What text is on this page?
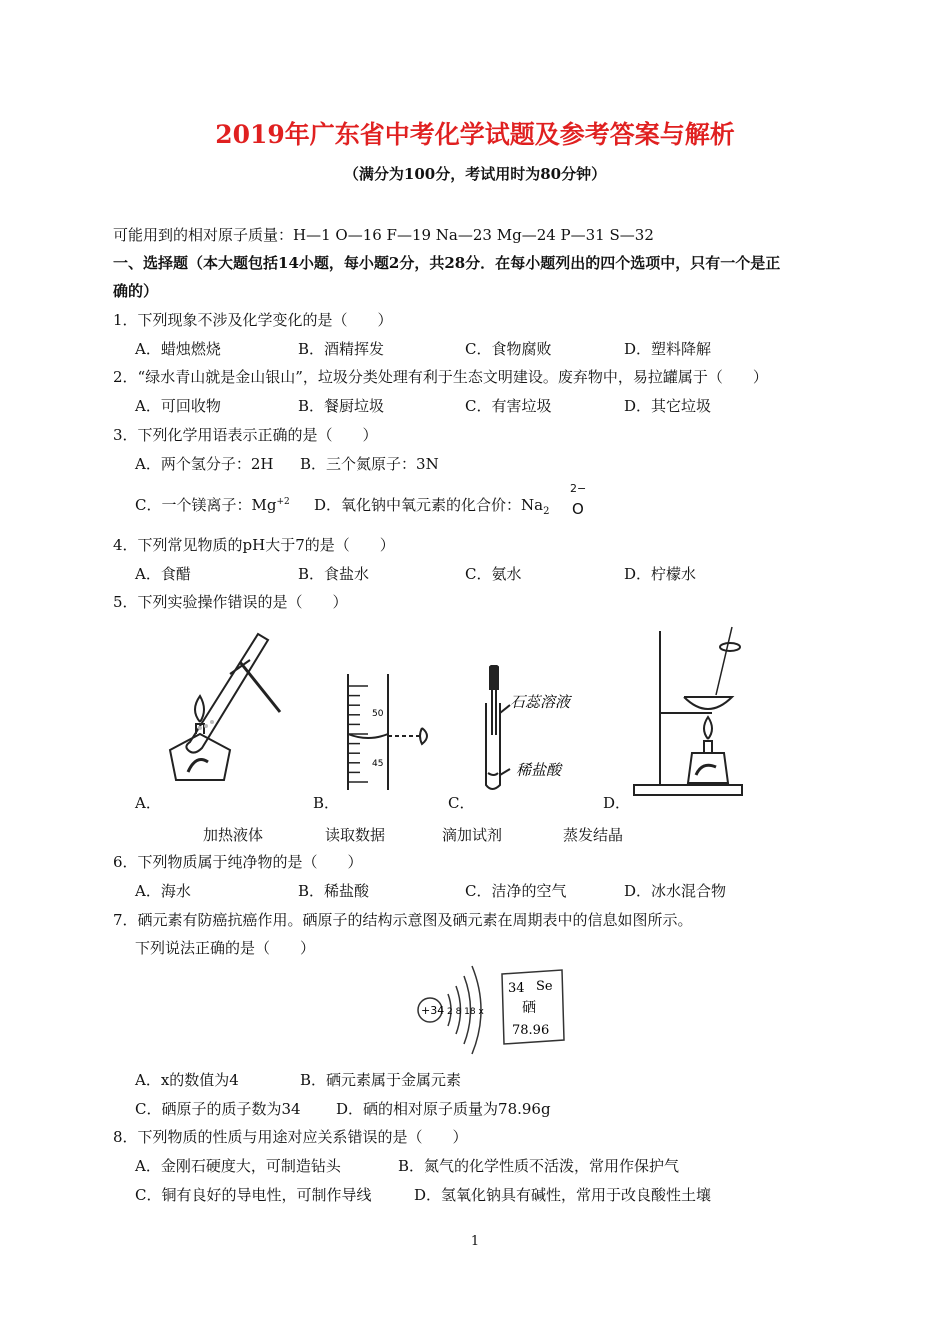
2019年广东省中考化学试题及参考答案与解析
（满分为100分，考试用时为80分钟）
可能用到的相对原子质量：H—1 O—16 F—19 Na—23 Mg—24 P—31 S—32
一、选择题（本大题包括14小题，每小题2分，共28分．在每小题列出的四个选项中，只有一个是正
确的）
1．下列现象不涉及化学变化的是（　　）
A．蜡烛燃烧	B．酒精挥发	C．食物腐败	D．塑料降解
2．“绿水青山就是金山银山”，垃圾分类处理有利于生态文明建设。废弃物中，易拉罐属于（　　）
A．可回收物	B．餐厨垃圾	C．有害垃圾	D．其它垃圾
3．下列化学用语表示正确的是（　　）
A．两个氢分子：2H B．三个氮原子：3N
C．一个镁离子：$Mg^{+2}$ D．氧化钠中氧元素的化合价：$Na_2$
2−
O
4．下列常见物质的pH大于7的是（　　）
A．食醋	B．食盐水	C．氨水	D．柠檬水
5．下列实验操作错误的是（　　）
A．
50
45
B．
石蕊溶液
稀盐酸
C．	D．
加热液体	读取数据	滴加试剂	蒸发结晶
6．下列物质属于纯净物的是（　　）
A．海水	B．稀盐酸	C．洁净的空气	D．冰水混合物
7．硒元素有防癌抗癌作用。硒原子的结构示意图及硒元素在周期表中的信息如图所示。
下列说法正确的是（　　）
+34 2 8 18 x
34 Se
硒
78.96
A．x的数值为4	B．硒元素属于金属元素
C．硒原子的质子数为34 D．硒的相对原子质量为78.96g
8．下列物质的性质与用途对应关系错误的是（　　）
A．金刚石硬度大，可制造钻头	B．氮气的化学性质不活泼，常用作保护气
C．铜有良好的导电性，可制作导线	D．氢氧化钠具有碱性，常用于改良酸性土壤
1
